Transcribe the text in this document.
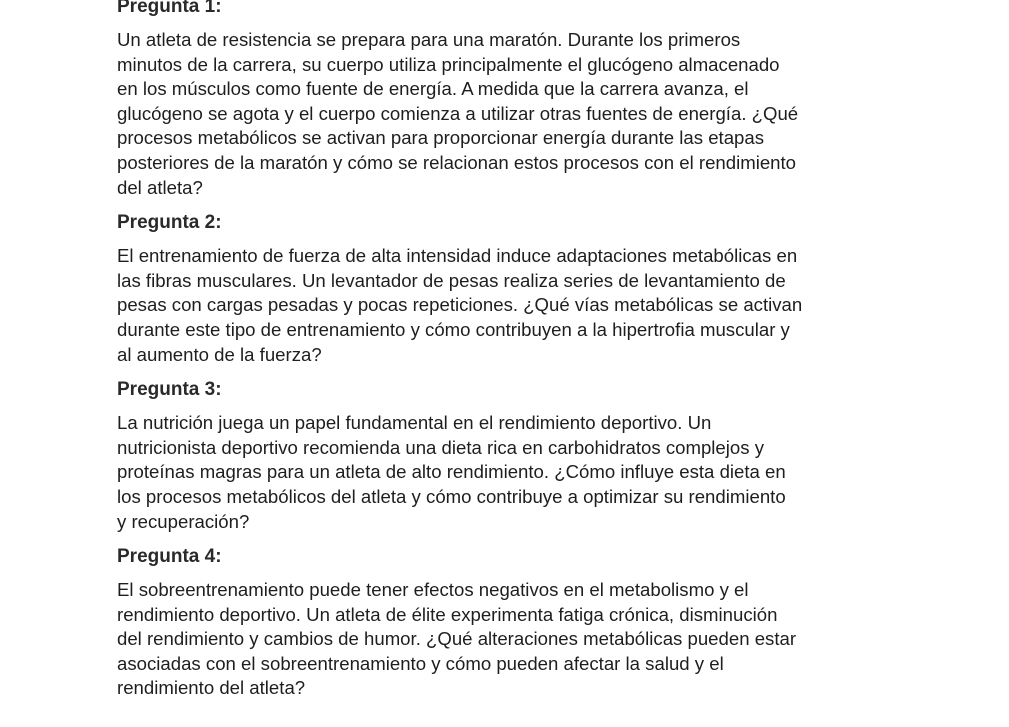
Pregunta 1:
Un atleta de resistencia se prepara para una maratón. Durante los primeros
minutos de la carrera, su cuerpo utiliza principalmente el glucógeno almacenado
en los músculos como fuente de energía. A medida que la carrera avanza, el
glucógeno se agota y el cuerpo comienza a utilizar otras fuentes de energía. ¿Qué
procesos metabólicos se activan para proporcionar energía durante las etapas
posteriores de la maratón y cómo se relacionan estos procesos con el rendimiento
del atleta?
Pregunta 2:
El entrenamiento de fuerza de alta intensidad induce adaptaciones metabólicas en
las fibras musculares. Un levantador de pesas realiza series de levantamiento de
pesas con cargas pesadas y pocas repeticiones. ¿Qué vías metabólicas se activan
durante este tipo de entrenamiento y cómo contribuyen a la hipertrofia muscular y
al aumento de la fuerza?
Pregunta 3:
La nutrición juega un papel fundamental en el rendimiento deportivo. Un
nutricionista deportivo recomienda una dieta rica en carbohidratos complejos y
proteínas magras para un atleta de alto rendimiento. ¿Cómo influye esta dieta en
los procesos metabólicos del atleta y cómo contribuye a optimizar su rendimiento
y recuperación?
Pregunta 4:
El sobreentrenamiento puede tener efectos negativos en el metabolismo y el
rendimiento deportivo. Un atleta de élite experimenta fatiga crónica, disminución
del rendimiento y cambios de humor. ¿Qué alteraciones metabólicas pueden estar
asociadas con el sobreentrenamiento y cómo pueden afectar la salud y el
rendimiento del atleta?
